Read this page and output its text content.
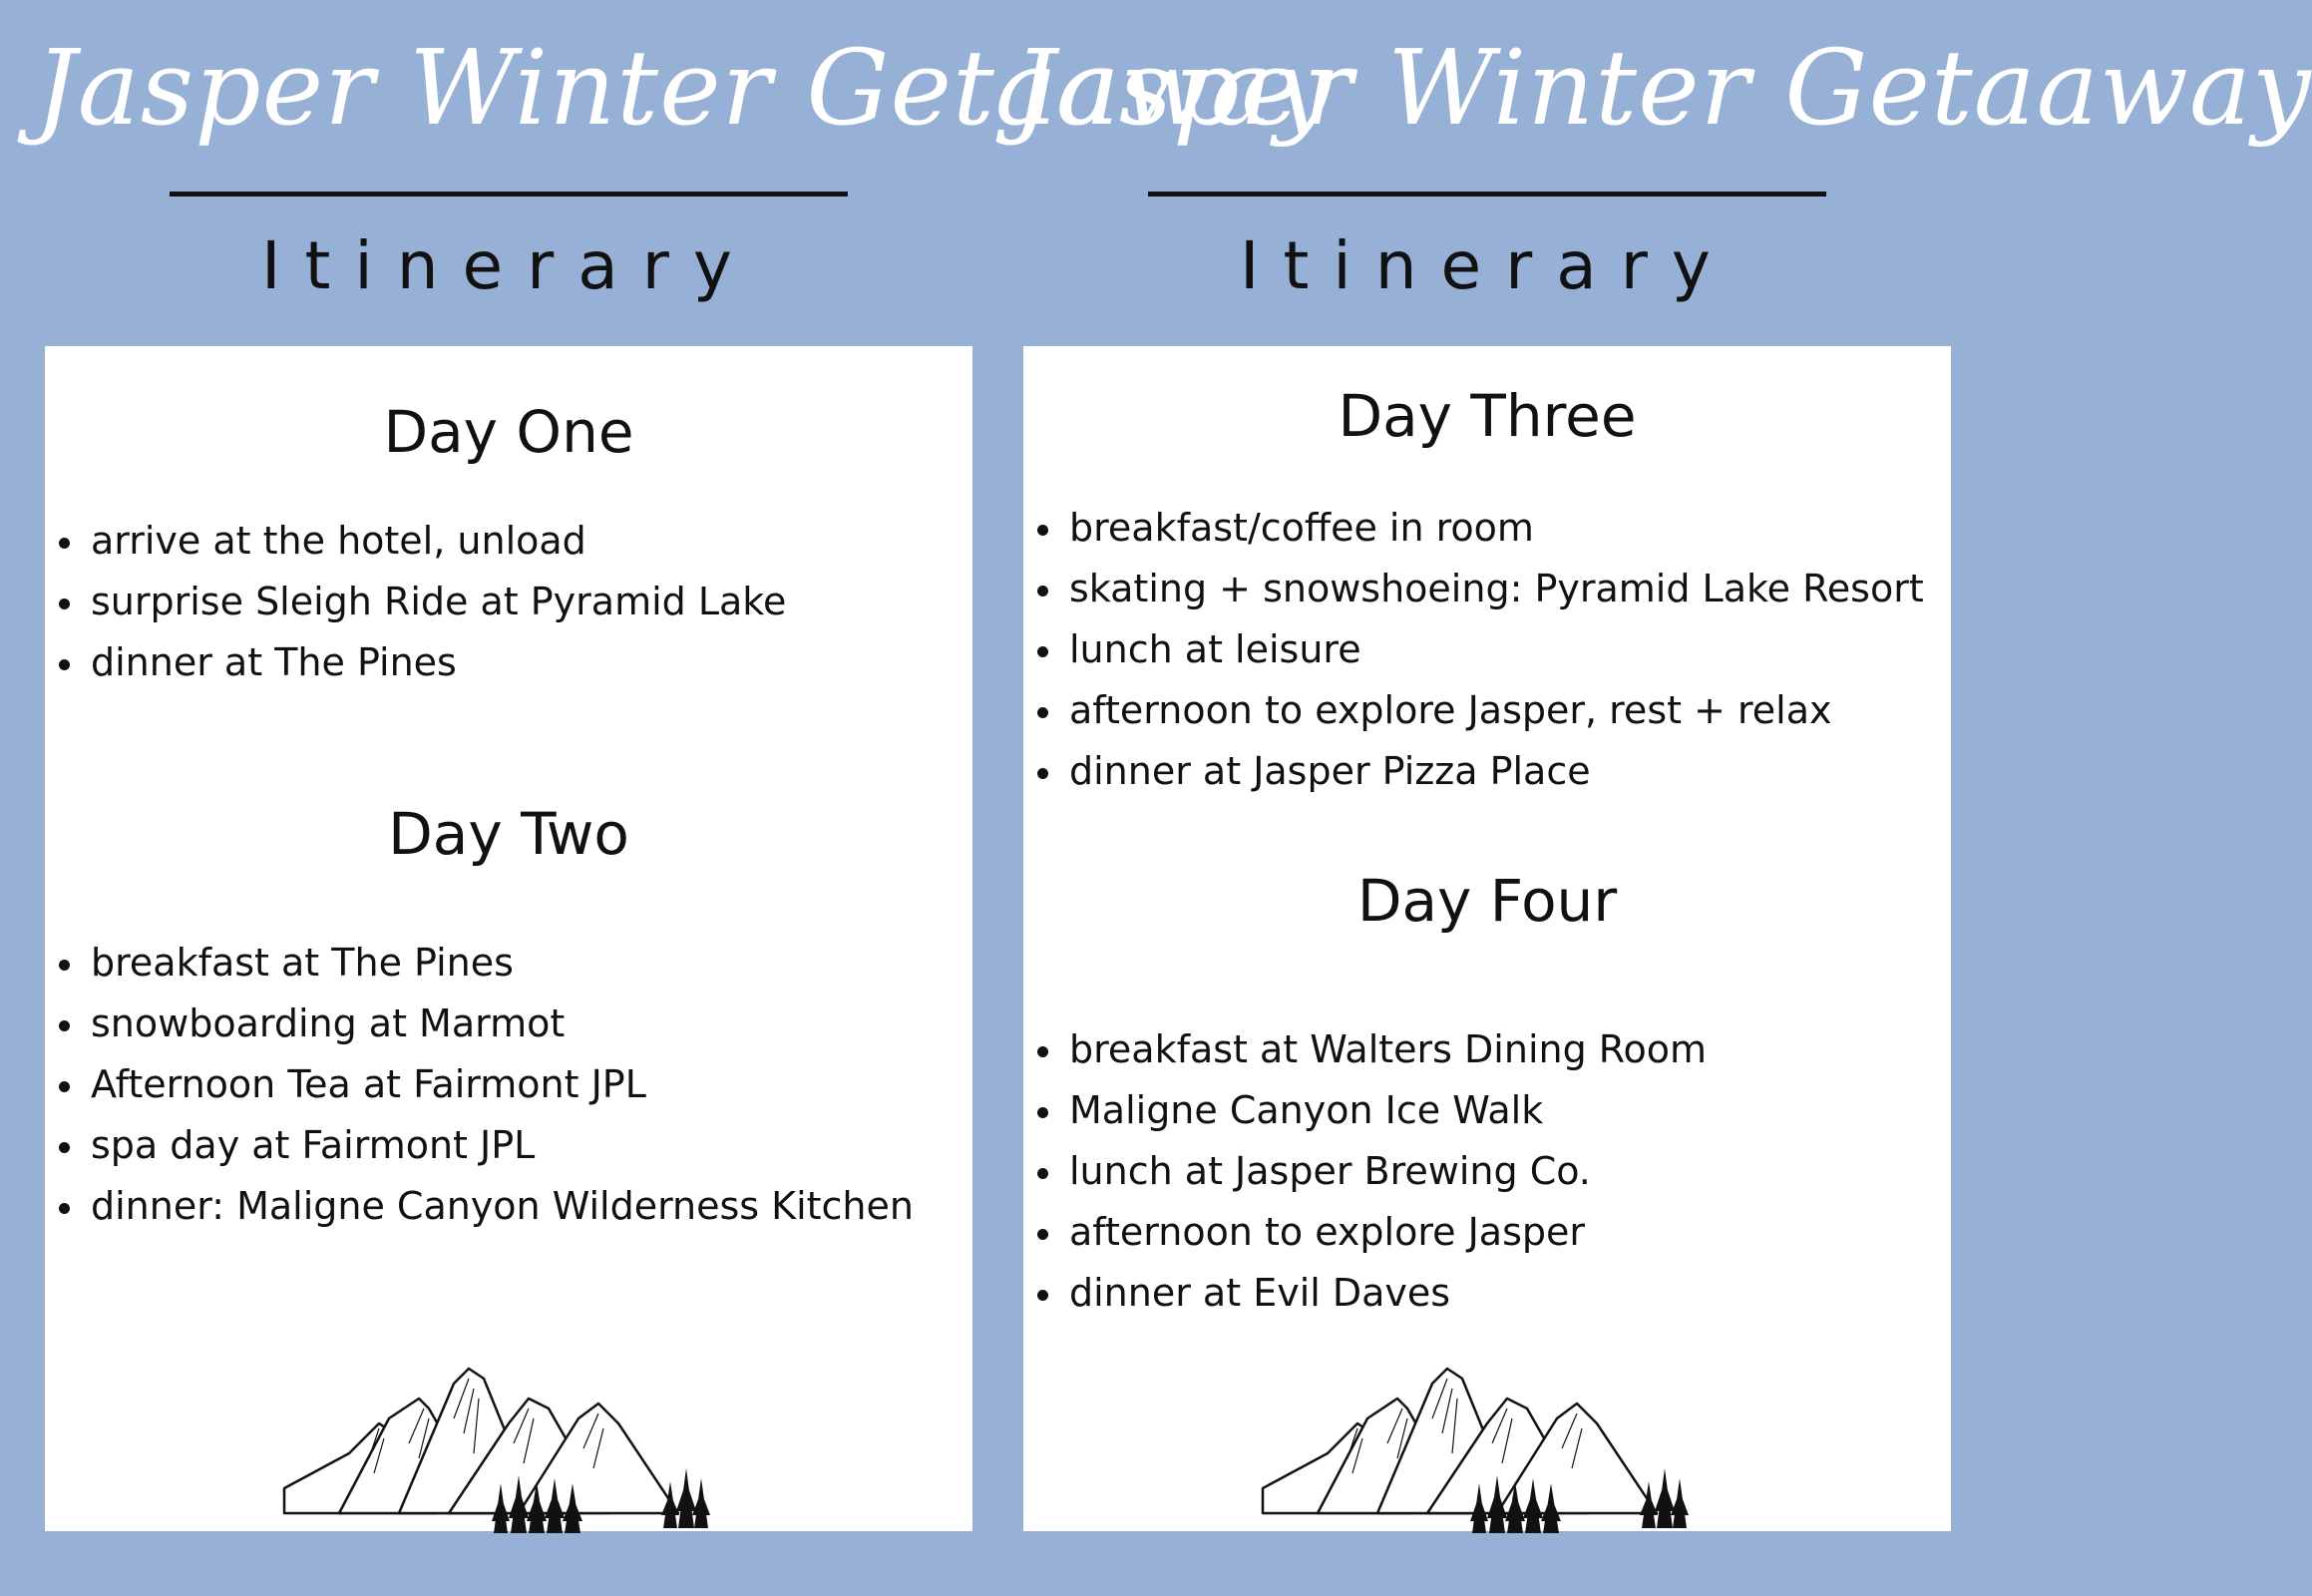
Jasper Winter Getaaway
Itinerary
Day One
arrive at the hotel, unload
surprise Sleigh Ride at Pyramid Lake
dinner at The Pines
Day Two
breakfast at The Pines
snowboarding at Marmot
Afternoon Tea at Fairmont JPL
spa day at Fairmont JPL
dinner: Maligne Canyon Wilderness Kitchen
Jasper Winter Getaaway
Itinerary
Day Three
breakfast/coffee in room
skating + snowshoeing: Pyramid Lake Resort
lunch at leisure
afternoon to explore Jasper, rest + relax
dinner at Jasper Pizza Place
Day Four
breakfast at Walters Dining Room
Maligne Canyon Ice Walk
lunch at Jasper Brewing Co.
afternoon to explore Jasper
dinner at Evil Daves
